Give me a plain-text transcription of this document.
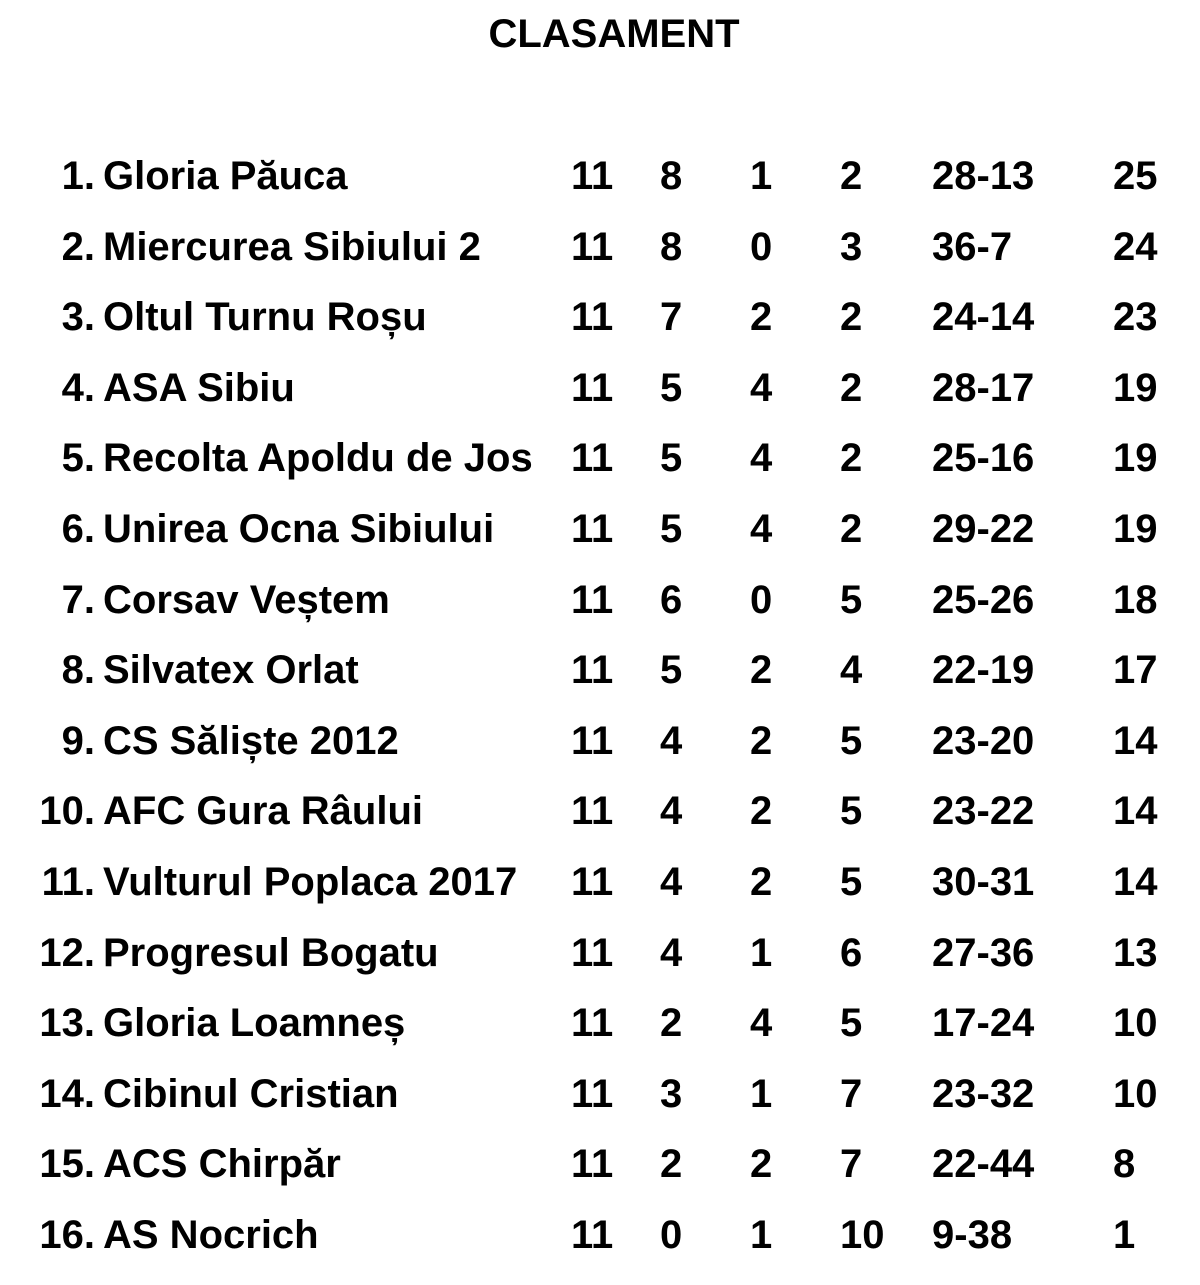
CLASAMENT
1. Gloria Păuca	11 8 1 2 28-13 25
2. Miercurea Sibiului 2 11 8 0 3 36-7	24
3. Oltul Turnu Roșu	11 7 2 2 24-14 23
4. ASA Sibiu	11 5 4 2 28-17 19
5. Recolta Apoldu de Jos 11 5 4 2 25-16 19
6. Unirea Ocna Sibiului 11 5 4 2 29-22 19
7. Corsav Veștem	11 6 0 5 25-26 18
8. Silvatex Orlat	11 5 2 4 22-19 17
9. CS Săliște 2012	11 4 2 5 23-20 14
10. AFC Gura Râului	11 4 2 5 23-22 14
11. Vulturul Poplaca 2017 11 4 2 5 30-31 14
12. Progresul Bogatu	11 4 1 6 27-36 13
13. Gloria Loamneș	11 2 4 5 17-24 10
14. Cibinul Cristian	11 3 1 7 23-32 10
15. ACS Chirpăr	11 2 2 7 22-44 8
16. AS Nocrich	11 0 1 10 9-38	1
